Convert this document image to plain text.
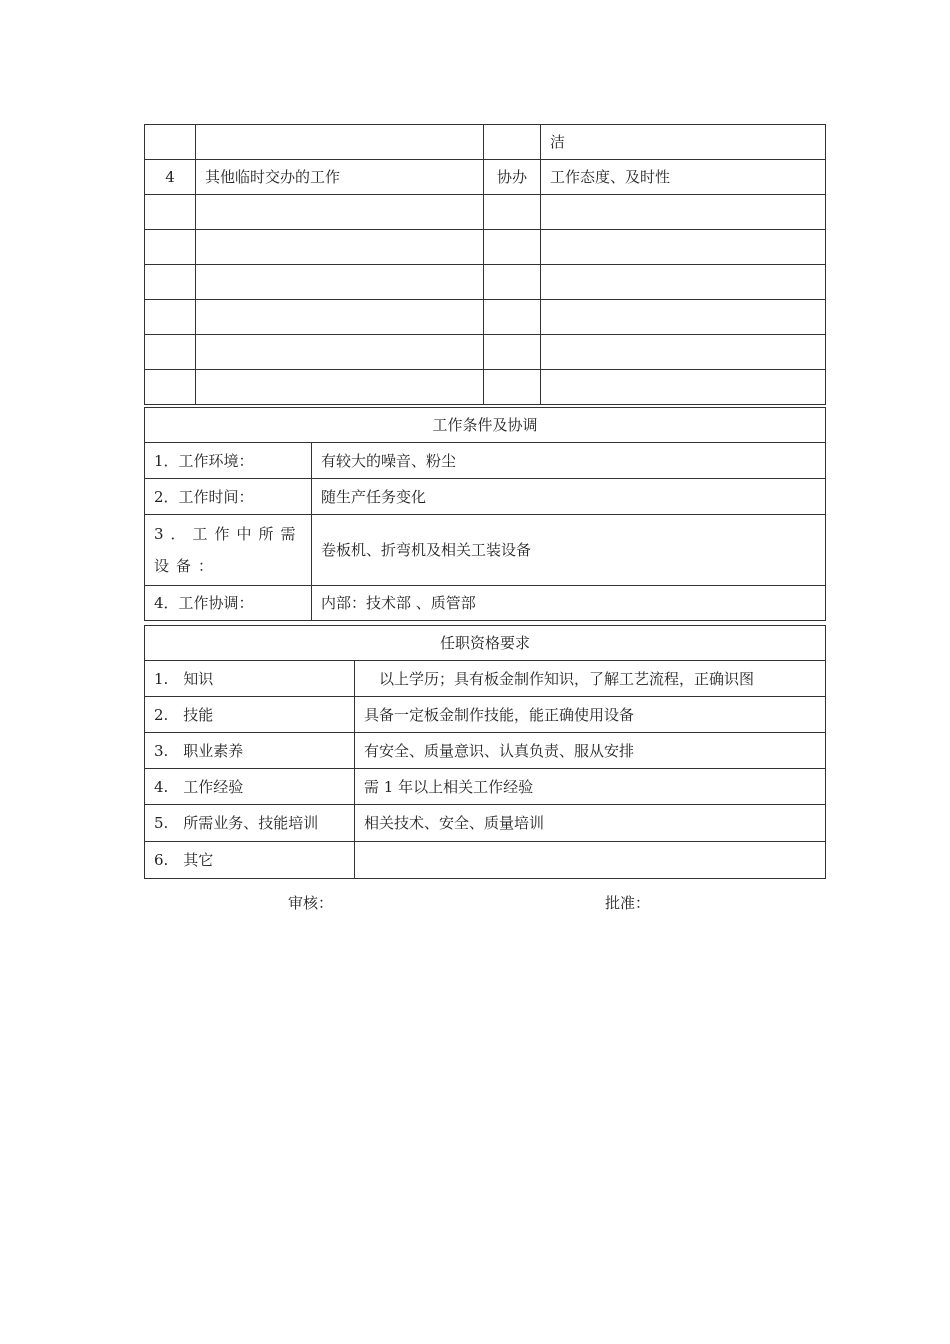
			洁
4	其他临时交办的工作	协办	工作态度、及时性

工作条件及协调	
1．工作环境：	有较大的噪音、粉尘
2．工作时间：	随生产任务变化
3．工作中所需设备：	卷板机、折弯机及相关工装设备
4．工作协调：	内部：技术部 、质管部
任职资格要求	
1.　知识	　以上学历；具有板金制作知识，了解工艺流程，正确识图
2.　技能	具备一定板金制作技能，能正确使用设备
3.　职业素养	有安全、质量意识、认真负责、服从安排
4.　工作经验	需 1 年以上相关工作经验
5.　所需业务、技能培训	相关技术、安全、质量培训
6.　其它	
审核：	批准：
